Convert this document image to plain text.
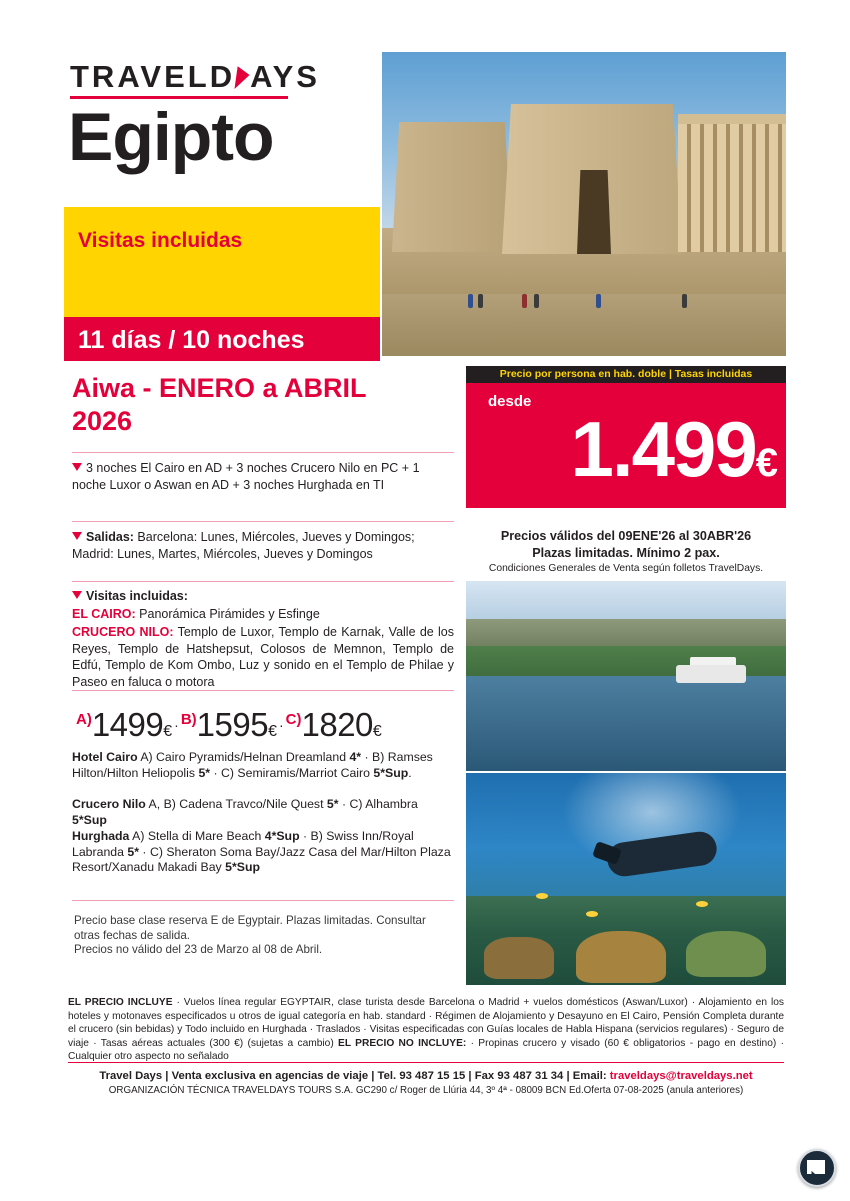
TRAVELD AYS
Egipto
Visitas incluidas
11 días / 10 noches
Aiwa - ENERO a ABRIL 2026
3 noches El Cairo en AD + 3 noches Crucero Nilo en PC + 1 noche Luxor o Aswan en AD + 3 noches Hurghada en TI
Salidas: Barcelona: Lunes, Miércoles, Jueves y Domingos; Madrid: Lunes, Martes, Miércoles, Jueves y Domingos
Visitas incluidas:
EL CAIRO: Panorámica Pirámides y Esfinge
CRUCERO NILO: Templo de Luxor, Templo de Karnak, Valle de los Reyes, Templo de Hatshepsut, Colosos de Memnon, Templo de Edfú, Templo de Kom Ombo, Luz y sonido en el Templo de Philae y Paseo en faluca o motora
A)1499€ · B)1595€ · C)1820€
Hotel Cairo A) Cairo Pyramids/Helnan Dreamland 4* · B) Ramses Hilton/Hilton Heliopolis 5* · C) Semiramis/Marriot Cairo 5*Sup.
Crucero Nilo A, B) Cadena Travco/Nile Quest 5* · C) Alhambra 5*Sup
Hurghada A) Stella di Mare Beach 4*Sup · B) Swiss Inn/Royal Labranda 5* · C) Sheraton Soma Bay/Jazz Casa del Mar/Hilton Plaza Resort/Xanadu Makadi Bay 5*Sup
Precio base clase reserva E de Egyptair. Plazas limitadas. Consultar otras fechas de salida.
Precios no válido del 23 de Marzo al 08 de Abril.
Precio por persona en hab. doble | Tasas incluidas
desde
1.499€
Precios válidos del 09ENE'26 al 30ABR'26
Plazas limitadas. Mínimo 2 pax.
Condiciones Generales de Venta según folletos TravelDays.
EL PRECIO INCLUYE · Vuelos línea regular EGYPTAIR, clase turista desde Barcelona o Madrid + vuelos domésticos (Aswan/Luxor) · Alojamiento en los hoteles y motonaves especificados u otros de igual categoría en hab. standard · Régimen de Alojamiento y Desayuno en El Cairo, Pensión Completa durante el crucero (sin bebidas) y Todo incluido en Hurghada · Traslados · Visitas especificadas con Guías locales de Habla Hispana (servicios regulares) · Seguro de viaje · Tasas aéreas actuales (300 €) (sujetas a cambio) EL PRECIO NO INCLUYE: · Propinas crucero y visado (60 € obligatorios - pago en destino) · Cualquier otro aspecto no señalado
Travel Days | Venta exclusiva en agencias de viaje | Tel. 93 487 15 15 | Fax 93 487 31 34 | Email: traveldays@traveldays.net
ORGANIZACIÓN TÉCNICA TRAVELDAYS TOURS S.A. GC290 c/ Roger de Llúria 44, 3º 4ª - 08009 BCN Ed.Oferta 07-08-2025 (anula anteriores)
